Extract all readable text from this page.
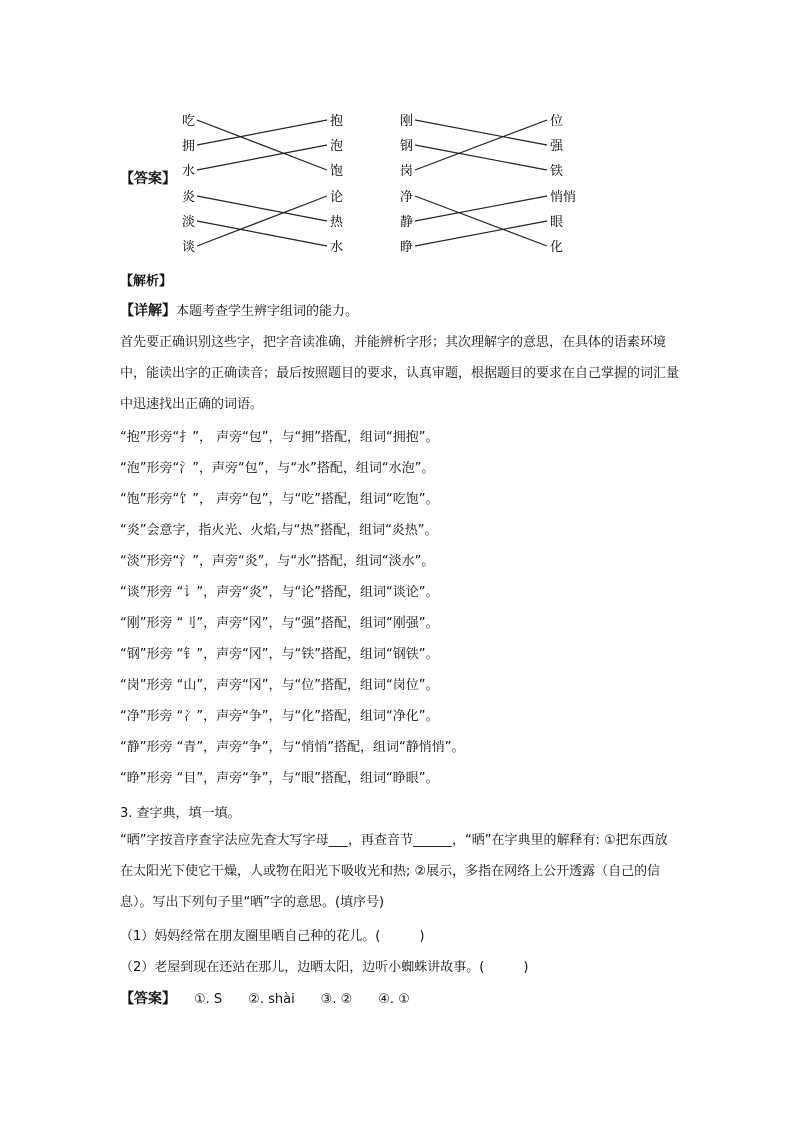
吃
拥
水
抱
泡
饱
炎
淡
谈
论
热
水
刚
钢
岗
位
强
铁
净
静
睁
悄悄
眼
化
【答案】
【解析】
【详解】本题考查学生辨字组词的能力。
首先要正确识别这些字，把字音读准确，并能辨析字形；其次理解字的意思，在具体的语素环境中，能读出字的正确读音；最后按照题目的要求，认真审题，根据题目的要求在自己掌握的词汇量中迅速找出正确的词语。
“抱”形旁“扌”， 声旁“包”，与“拥”搭配，组词“拥抱”。
“泡”形旁“氵”，声旁“包”，与“水”搭配，组词“水泡”。
“饱”形旁“饣”， 声旁“包”，与“吃”搭配，组词“吃饱”。
“炎”会意字，指火光、火焰,与“热”搭配，组词“炎热”。
“淡”形旁“氵”，声旁“炎”，与“水”搭配，组词“淡水”。
“谈”形旁 “讠”，声旁“炎”，与“论”搭配，组词“谈论”。
“刚”形旁 “刂”，声旁“冈”，与“强”搭配，组词“刚强”。
“钢”形旁 “钅”，声旁“冈”，与“铁”搭配，组词“钢铁”。
“岗”形旁 “山”，声旁“冈”，与“位”搭配，组词“岗位”。
“净”形旁 “冫”，声旁“争”，与“化”搭配，组词“净化”。
“静”形旁 “青”，声旁“争”，与“悄悄”搭配，组词“静悄悄”。
“睁”形旁 “目”，声旁“争”，与“眼”搭配，组词“睁眼”。
3. 查字典，填一填。
“晒”字按音序查字法应先查大写字母___，再查音节______，“晒”在字典里的解释有: ①把东西放在太阳光下使它干燥，人或物在阳光下吸收光和热; ②展示，多指在网络上公开透露（自己的信息）。写出下列句子里“晒”字的意思。(填序号)
（1）妈妈经常在朋友圈里晒自己种的花儿。(　　　)
（2）老屋到现在还站在那儿，边晒太阳，边听小蜘蛛讲故事。(　　　)
【答案】 ①. S　　②. shài　　③. ②　　④. ①
